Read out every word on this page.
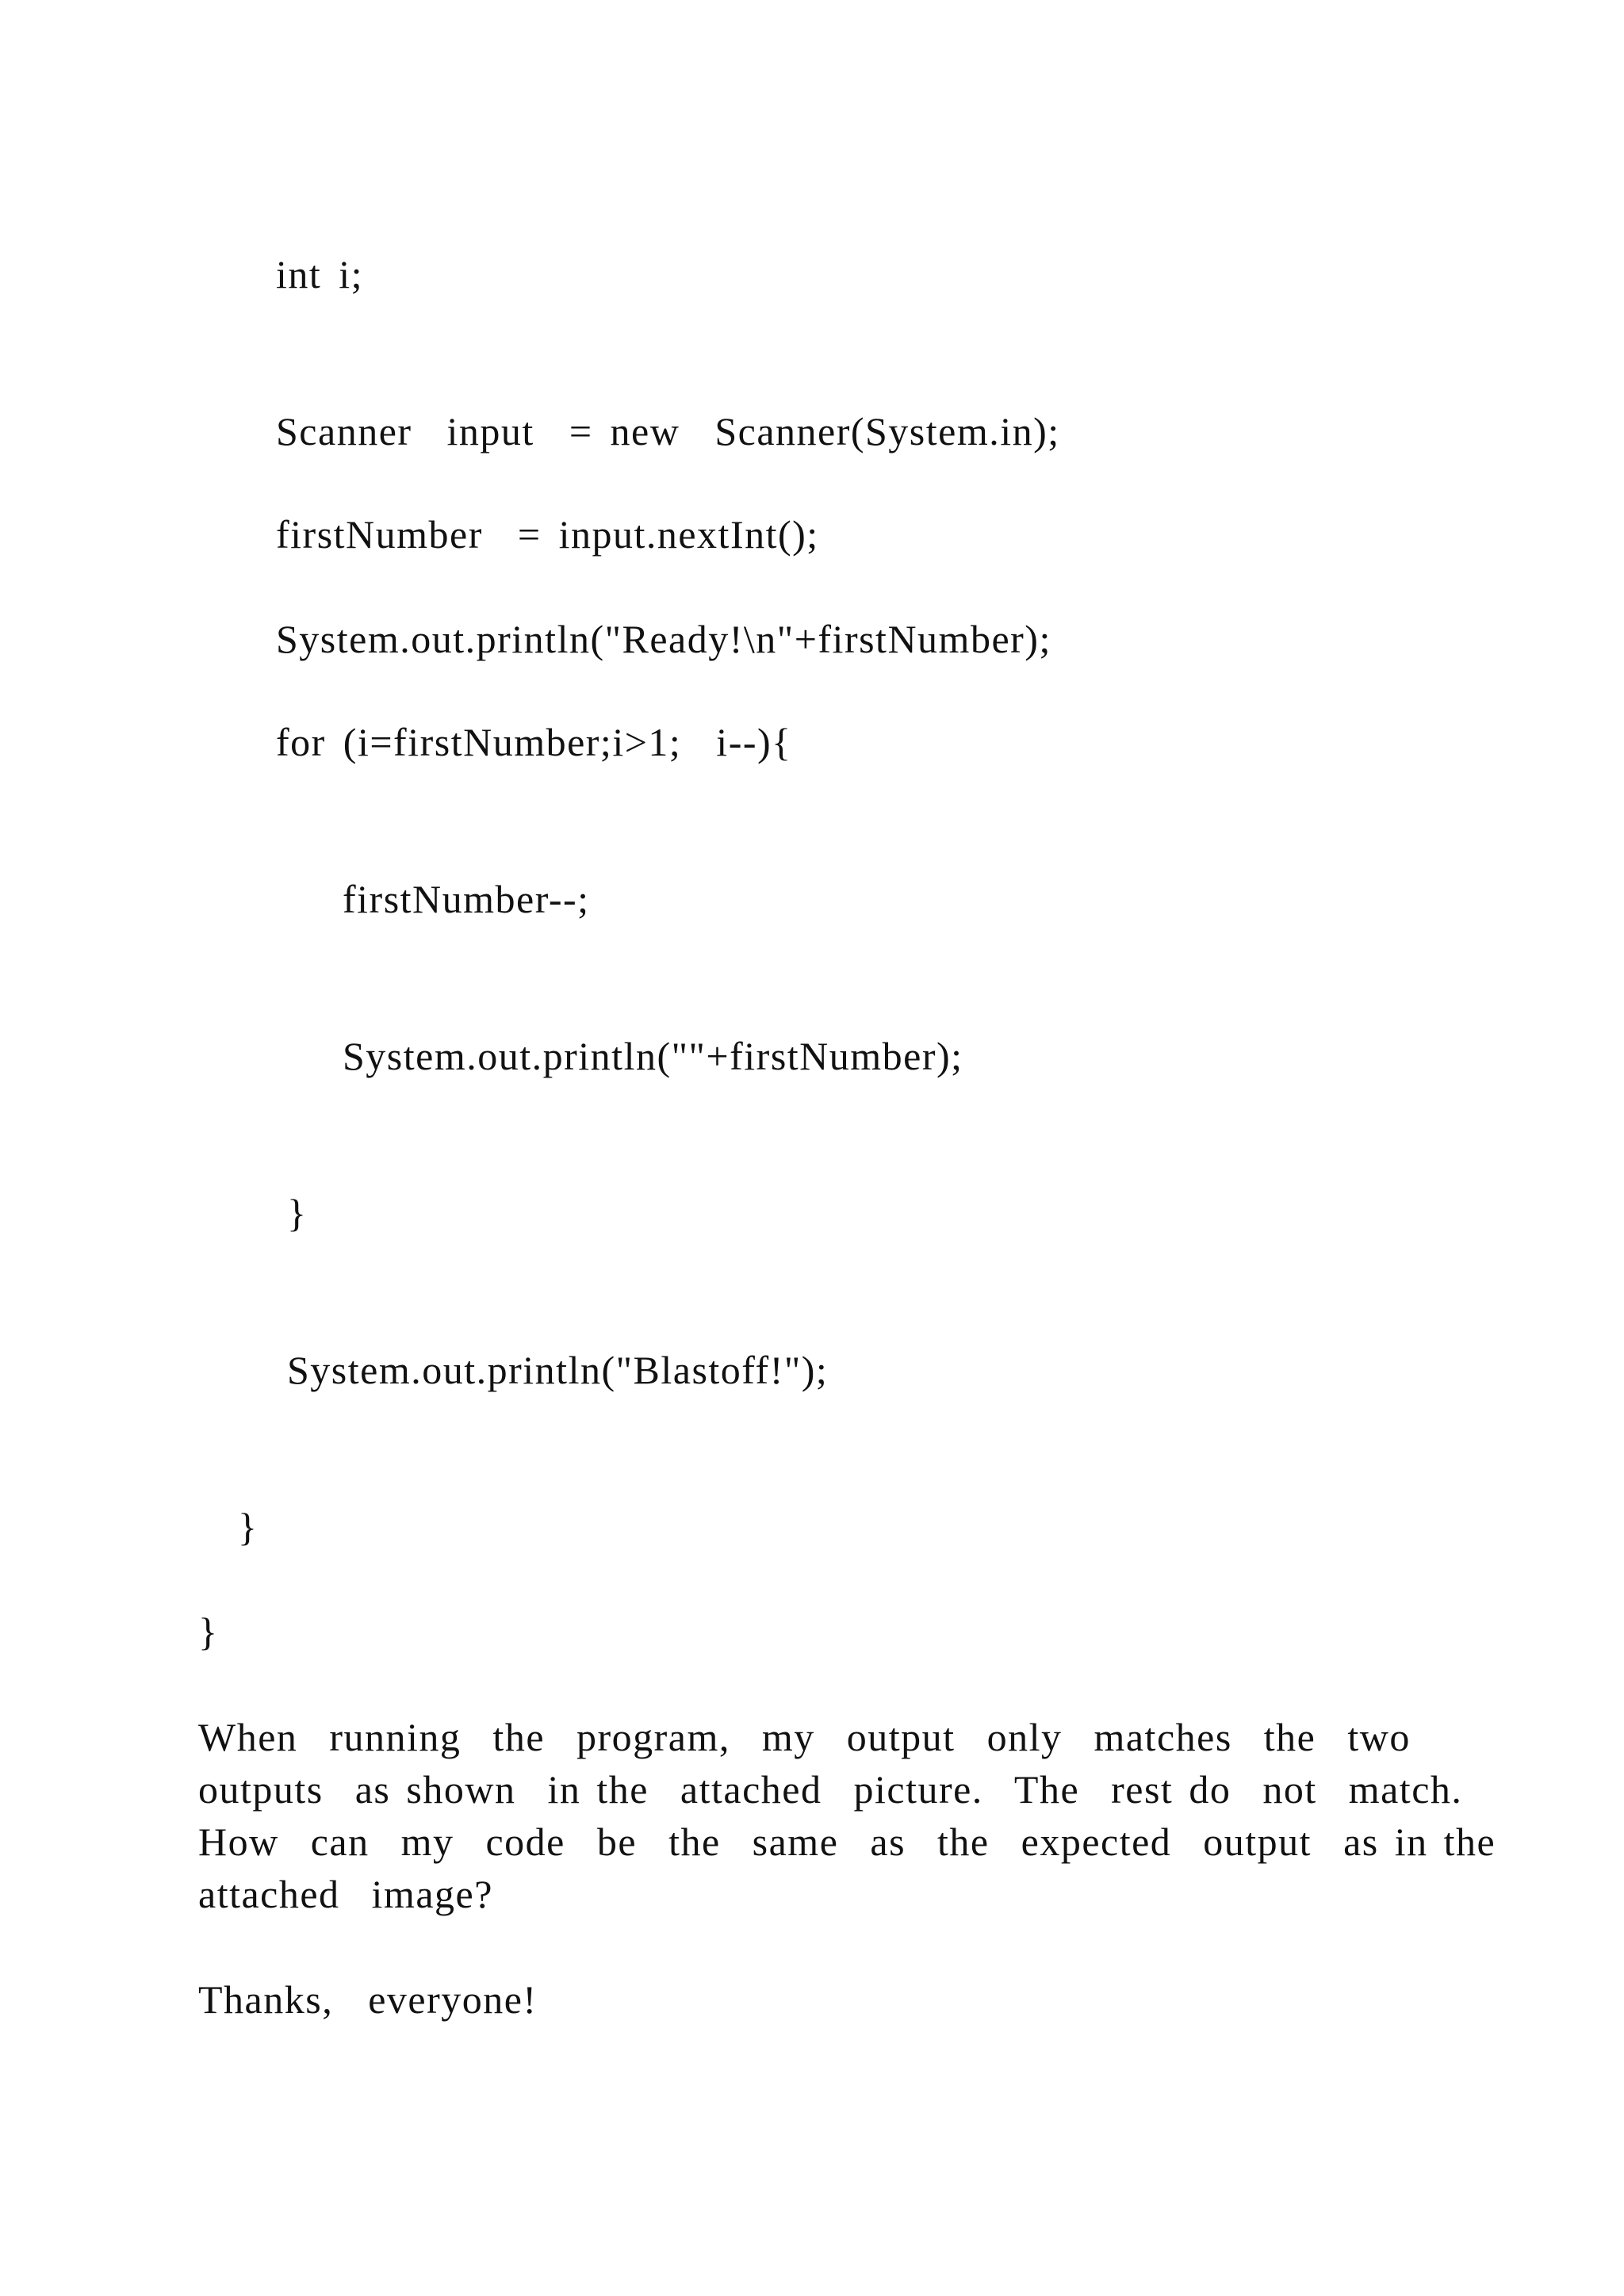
int i;
Scanner  input  = new  Scanner(System.in);
firstNumber  = input.nextInt();
System.out.println("Ready!\n"+firstNumber);
for (i=firstNumber;i>1;  i--){
firstNumber--;
System.out.println(""+firstNumber);
}
System.out.println("Blastoff!");
}
}

When  running  the  program,  my  output  only  matches  the  two
outputs  as shown  in the  attached  picture.  The  rest do  not  match.
How  can  my  code  be  the  same  as  the  expected  output  as in the
attached  image?

Thanks,  everyone!
